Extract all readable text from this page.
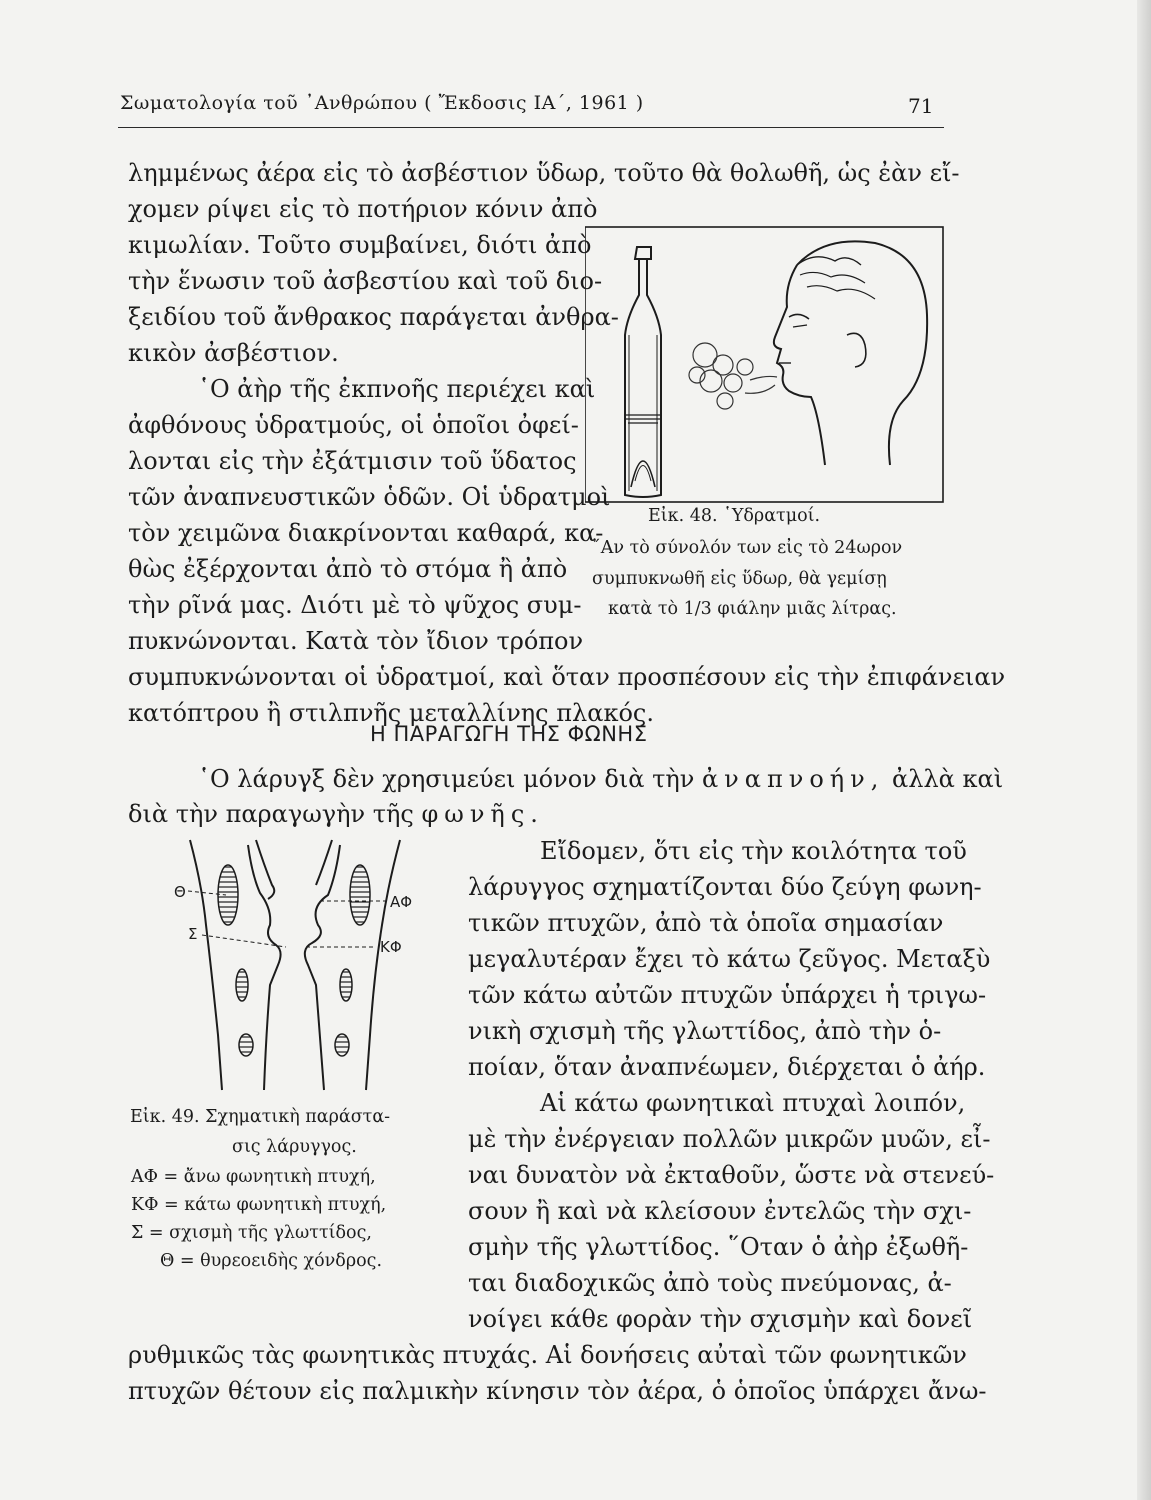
Σωματολογία τοῦ ᾿Ανθρώπου ( Ἔκδοσις ΙΑ΄, 1961 )	71
λημμένως ἀέρα εἰς τὸ ἀσβέστιον ὕδωρ, τοῦτο θὰ θολωθῆ, ὡς ἐὰν εἴ-
χομεν ρίψει εἰς τὸ ποτήριον κόνιν ἀπὸ
κιμωλίαν. Τοῦτο συμβαίνει, διότι ἀπὸ
τὴν ἕνωσιν τοῦ ἀσβεστίου καὶ τοῦ διο-
ξειδίου τοῦ ἄνθρακος παράγεται ἀνθρα-
κικὸν ἀσβέστιον.
῾Ο ἀὴρ τῆς ἐκπνοῆς περιέχει καὶ
ἀφθόνους ὑδρατμούς, οἱ ὁποῖοι ὀφεί-
λονται εἰς τὴν ἐξάτμισιν τοῦ ὕδατος
τῶν ἀναπνευστικῶν ὁδῶν. Οἱ ὑδρατμοὶ
τὸν χειμῶνα διακρίνονται καθαρά, κα-
θὼς ἐξέρχονται ἀπὸ τὸ στόμα ἢ ἀπὸ
τὴν ρῖνά μας. Διότι μὲ τὸ ψῦχος συμ-
πυκνώνονται. Κατὰ τὸν ἴδιον τρόπον
συμπυκνώνονται οἱ ὑδρατμοί, καὶ ὅταν προσπέσουν εἰς τὴν ἐπιφάνειαν
κατόπτρου ἢ στιλπνῆς μεταλλίνης πλακός.
Εἰκ. 48. ῾Υδρατμοί.
῎Αν τὸ σύνολόν των εἰς τὸ 24ωρον
συμπυκνωθῆ εἰς ὕδωρ, θὰ γεμίσῃ
κατὰ τὸ 1/3 φιάλην μιᾶς λίτρας.
Η ΠΑΡΑΓΩΓΗ ΤΗΣ ΦΩΝΗΣ
῾Ο λάρυγξ δὲν χρησιμεύει μόνον διὰ τὴν ἀναπνοήν, ἀλλὰ καὶ
διὰ τὴν παραγωγὴν τῆς φωνῆς.
Θ
Σ
ΑΦ
ΚΦ
Εἰκ. 49. Σχηματικὴ παράστα-
σις λάρυγγος.
ΑΦ = ἄνω φωνητικὴ πτυχή,
ΚΦ = κάτω φωνητικὴ πτυχή,
Σ = σχισμὴ τῆς γλωττίδος,
Θ = θυρεοειδὴς χόνδρος.
Εἴδομεν, ὅτι εἰς τὴν κοιλότητα τοῦ
λάρυγγος σχηματίζονται δύο ζεύγη φωνη-
τικῶν πτυχῶν, ἀπὸ τὰ ὁποῖα σημασίαν
μεγαλυτέραν ἔχει τὸ κάτω ζεῦγος. Μεταξὺ
τῶν κάτω αὐτῶν πτυχῶν ὑπάρχει ἡ τριγω-
νικὴ σχισμὴ τῆς γλωττίδος, ἀπὸ τὴν ὁ-
ποίαν, ὅταν ἀναπνέωμεν, διέρχεται ὁ ἀήρ.
Αἱ κάτω φωνητικαὶ πτυχαὶ λοιπόν,
μὲ τὴν ἐνέργειαν πολλῶν μικρῶν μυῶν, εἶ-
ναι δυνατὸν νὰ ἐκταθοῦν, ὥστε νὰ στενεύ-
σουν ἢ καὶ νὰ κλείσουν ἐντελῶς τὴν σχι-
σμὴν τῆς γλωττίδος. ῞Οταν ὁ ἀὴρ ἐξωθῆ-
ται διαδοχικῶς ἀπὸ τοὺς πνεύμονας, ἀ-
νοίγει κάθε φορὰν τὴν σχισμὴν καὶ δονεῖ
ρυθμικῶς τὰς φωνητικὰς πτυχάς. Αἱ δονήσεις αὐταὶ τῶν φωνητικῶν
πτυχῶν θέτουν εἰς παλμικὴν κίνησιν τὸν ἀέρα, ὁ ὁποῖος ὑπάρχει ἄνω-
